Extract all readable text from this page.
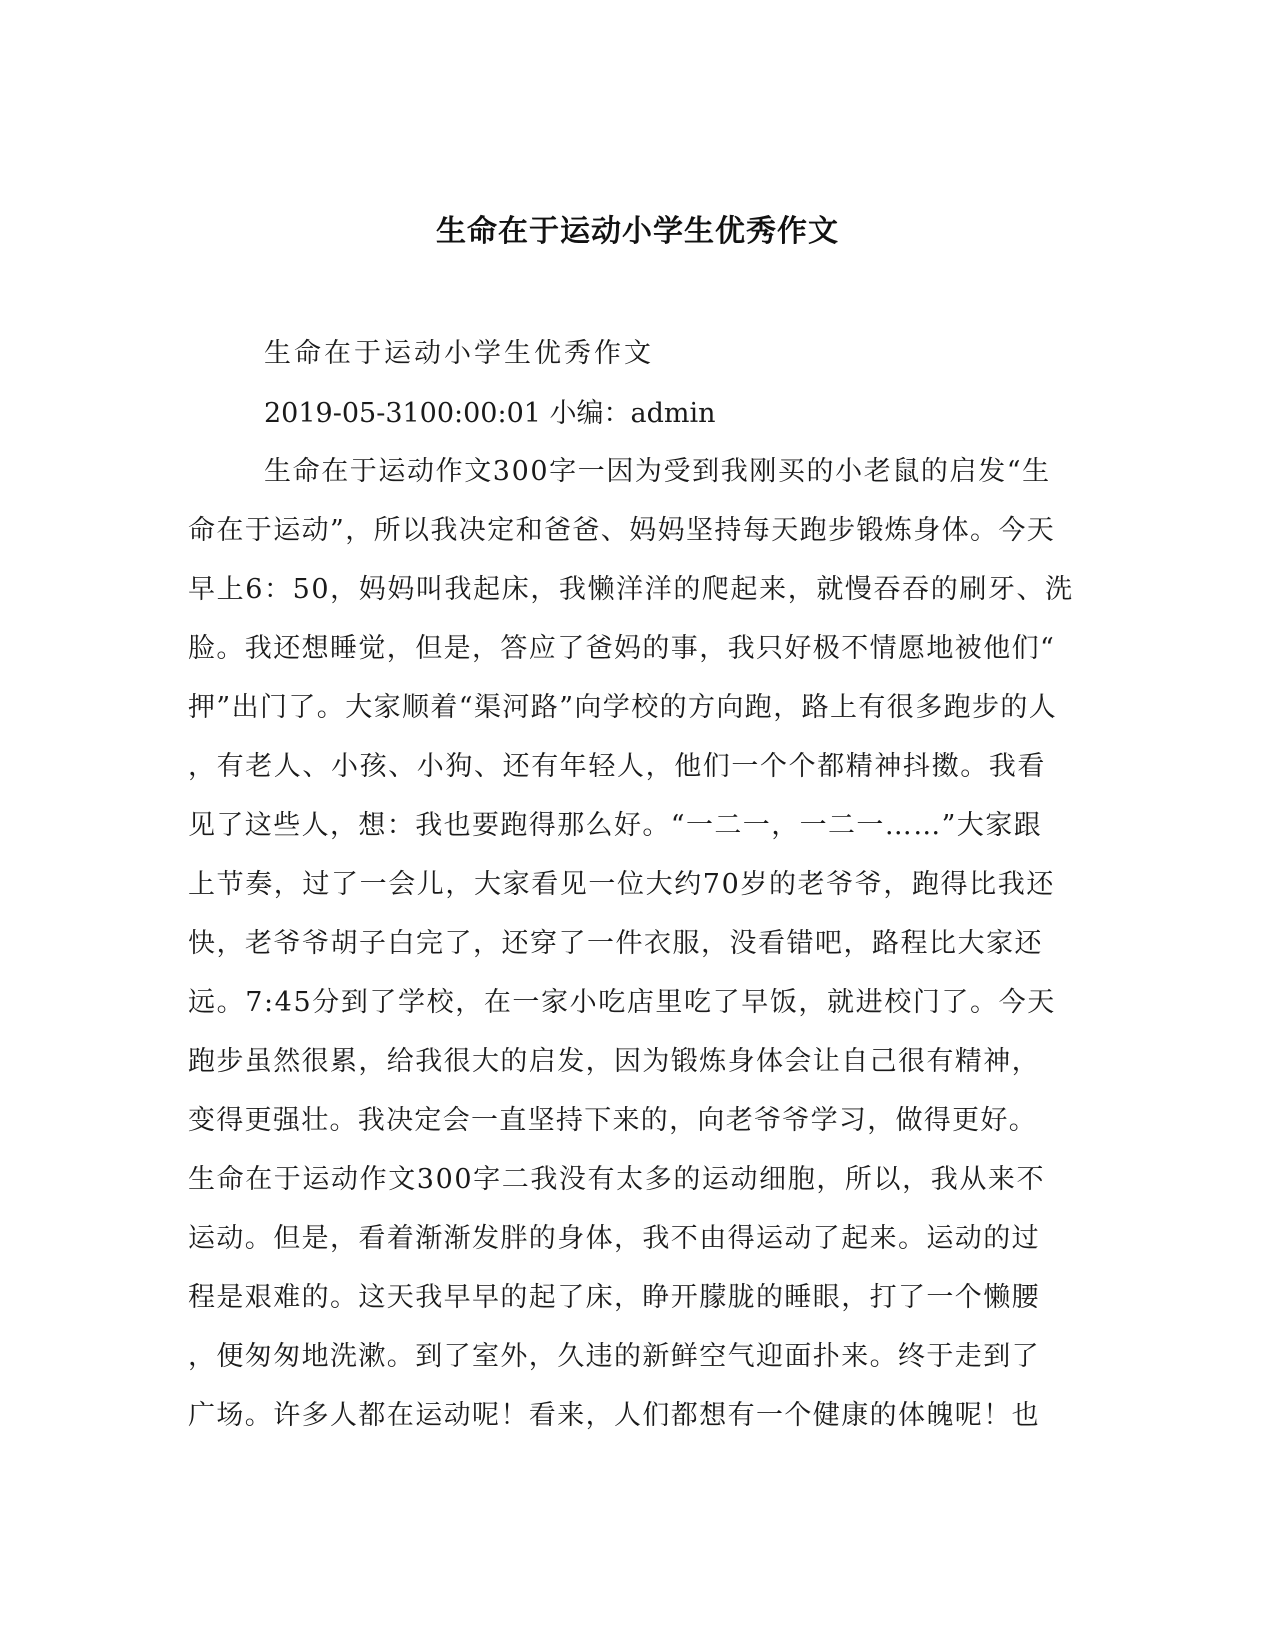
生命在于运动小学生优秀作文
生命在于运动小学生优秀作文
2019-05-3100:00:01 小编：admin
生命在于运动作文300字一因为受到我刚买的小老鼠的启发“生
命在于运动”，所以我决定和爸爸、妈妈坚持每天跑步锻炼身体。今天
早上6：50，妈妈叫我起床，我懒洋洋的爬起来，就慢吞吞的刷牙、洗
脸。我还想睡觉，但是，答应了爸妈的事，我只好极不情愿地被他们“
押”出门了。大家顺着“渠河路”向学校的方向跑，路上有很多跑步的人
，有老人、小孩、小狗、还有年轻人，他们一个个都精神抖擞。我看
见了这些人，想：我也要跑得那么好。“一二一，一二一……”大家跟
上节奏，过了一会儿，大家看见一位大约70岁的老爷爷，跑得比我还
快，老爷爷胡子白完了，还穿了一件衣服，没看错吧，路程比大家还
远。7:45分到了学校，在一家小吃店里吃了早饭，就进校门了。今天
跑步虽然很累，给我很大的启发，因为锻炼身体会让自己很有精神，
变得更强壮。我决定会一直坚持下来的，向老爷爷学习，做得更好。
生命在于运动作文300字二我没有太多的运动细胞，所以，我从来不
运动。但是，看着渐渐发胖的身体，我不由得运动了起来。运动的过
程是艰难的。这天我早早的起了床，睁开朦胧的睡眼，打了一个懒腰
，便匆匆地洗漱。到了室外，久违的新鲜空气迎面扑来。终于走到了
广场。许多人都在运动呢！看来，人们都想有一个健康的体魄呢！也
